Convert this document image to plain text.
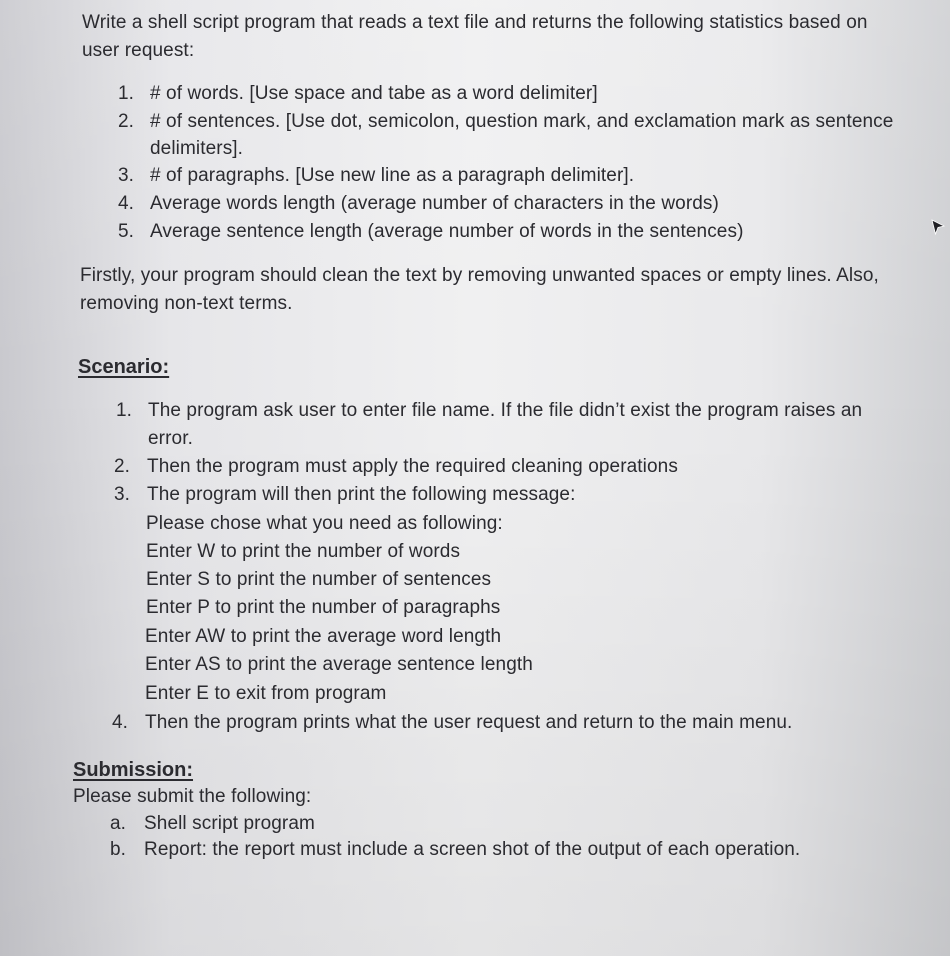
Write a shell script program that reads a text file and returns the following statistics based on
user request:
1. # of words. [Use space and tabe as a word delimiter]
2. # of sentences. [Use dot, semicolon, question mark, and exclamation mark as sentence
delimiters].
3. # of paragraphs. [Use new line as a paragraph delimiter].
4. Average words length (average number of characters in the words)
5. Average sentence length (average number of words in the sentences)
Firstly, your program should clean the text by removing unwanted spaces or empty lines. Also,
removing non-text terms.
Scenario:
1. The program ask user to enter file name. If the file didn’t exist the program raises an
error.
2. Then the program must apply the required cleaning operations
3. The program will then print the following message:
Please chose what you need as following:
Enter W to print the number of words
Enter S to print the number of sentences
Enter P to print the number of paragraphs
Enter AW to print the average word length
Enter AS to print the average sentence length
Enter E to exit from program
4. Then the program prints what the user request and return to the main menu.
Submission:
Please submit the following:
a. Shell script program
b. Report: the report must include a screen shot of the output of each operation.
